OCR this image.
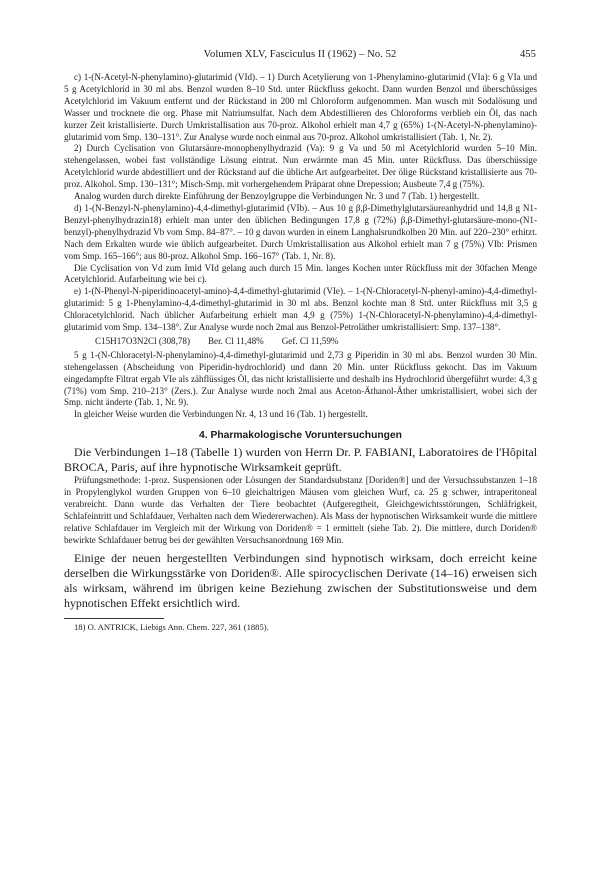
Volumen XLV, Fasciculus II (1962) – No. 52	455

c) 1-(N-Acetyl-N-phenylamino)-glutarimid (VId). – 1) Durch Acetylierung von 1-Phenylamino-glutarimid (VIa): 6 g VIa und 5 g Acetylchlorid in 30 ml abs. Benzol wurden 8–10 Std. unter Rückfluss gekocht. Dann wurden Benzol und überschüssiges Acetylchlorid im Vakuum entfernt und der Rückstand in 200 ml Chloroform aufgenommen. Man wusch mit Sodalösung und Wasser und trocknete die org. Phase mit Natriumsulfat. Nach dem Abdestillieren des Chloroforms verblieb ein Öl, das nach kurzer Zeit kristallisierte. Durch Umkristallisation aus 70-proz. Alkohol erhielt man 4,7 g (65%) 1-(N-Acetyl-N-phenylamino)-glutarimid vom Smp. 130–131°. Zur Analyse wurde noch einmal aus 70-proz. Alkohol umkristallisiert (Tab. 1, Nr. 2).

2) Durch Cyclisation von Glutarsäure-monophenylhydrazid (Va): 9 g Va und 50 ml Acetylchlorid wurden 5–10 Min. stehengelassen, wobei fast vollständige Lösung eintrat. Nun erwärmte man 45 Min. unter Rückfluss. Das überschüssige Acetylchlorid wurde abdestilliert und der Rückstand auf die übliche Art aufgearbeitet. Der ölige Rückstand kristallisierte aus 70-proz. Alkohol. Smp. 130–131°; Misch-Smp. mit vorhergehendem Präparat ohne Drepession; Ausbeute 7,4 g (75%).

Analog wurden durch direkte Einführung der Benzoylgruppe die Verbindungen Nr. 3 und 7 (Tab. 1) hergestellt.

d) 1-(N-Benzyl-N-phenylamino)-4,4-dimethyl-glutarimid (VIb). – Aus 10 g β,β-Dimethylglutarsäureanhydrid und 14,8 g N1-Benzyl-phenylhydrazin18) erhielt man unter den üblichen Bedingungen 17,8 g (72%) β,β-Dimethyl-glutarsäure-mono-(N1-benzyl)-phenylhydrazid Vb vom Smp. 84–87°. – 10 g davon wurden in einem Langhalsrundkolben 20 Min. auf 220–230° erhitzt. Nach dem Erkalten wurde wie üblich aufgearbeitet. Durch Umkristallisation aus Alkohol erhielt man 7 g (75%) VIb: Prismen vom Smp. 165–166°; aus 80-proz. Alkohol Smp. 166–167° (Tab. 1, Nr. 8).

Die Cyclisation von Vd zum Imid VId gelang auch durch 15 Min. langes Kochen unter Rückfluss mit der 30fachen Menge Acetylchlorid. Aufarbeitung wie bei c).

e) 1-(N-Phenyl-N-piperidinoacetyl-amino)-4,4-dimethyl-glutarimid (VIe). – 1-(N-Chloracetyl-N-phenyl-amino)-4,4-dimethyl-glutarimid: 5 g 1-Phenylamino-4,4-dimethyl-glutarimid in 30 ml abs. Benzol kochte man 8 Std. unter Rückfluss mit 3,5 g Chloracetylchlorid. Nach üblicher Aufarbeitung erhielt man 4,9 g (75%) 1-(N-Chloracetyl-N-phenylamino)-4,4-dimethyl-glutarimid vom Smp. 134–138°. Zur Analyse wurde noch 2mal aus Benzol-Petroläther umkristallisiert: Smp. 137–138°.

C15H17O3N2Cl (308,78) Ber. Cl 11,48% Gef. Cl 11,59%

5 g 1-(N-Chloracetyl-N-phenylamino)-4,4-dimethyl-glutarimid und 2,73 g Piperidin in 30 ml abs. Benzol wurden 30 Min. stehengelassen (Abscheidung von Piperidin-hydrochlorid) und dann 20 Min. unter Rückfluss gekocht. Das im Vakuum eingedampfte Filtrat ergab VIe als zähflüssiges Öl, das nicht kristallisierte und deshalb ins Hydrochlorid übergeführt wurde: 4,3 g (71%) vom Smp. 210–213° (Zers.). Zur Analyse wurde noch 2mal aus Aceton-Äthanol-Äther umkristallisiert, wobei sich der Smp. nicht änderte (Tab. 1, Nr. 9).

In gleicher Weise wurden die Verbindungen Nr. 4, 13 und 16 (Tab. 1) hergestellt.

4. Pharmakologische Voruntersuchungen

Die Verbindungen 1–18 (Tabelle 1) wurden von Herrn Dr. P. FABIANI, Laboratoires de l'Hôpital BROCA, Paris, auf ihre hypnotische Wirksamkeit geprüft.

Prüfungsmethode: 1-proz. Suspensionen oder Lösungen der Standardsubstanz [Doriden®] und der Versuchssubstanzen 1–18 in Propylenglykol wurden Gruppen von 6–10 gleichaltrigen Mäusen vom gleichen Wurf, ca. 25 g schwer, intraperitoneal verabreicht. Dann wurde das Verhalten der Tiere beobachtet (Aufgeregtheit, Gleichgewichtsstörungen, Schläfrigkeit, Schlafeintritt und Schlafdauer, Verhalten nach dem Wiedererwachen). Als Mass der hypnotischen Wirksamkeit wurde die mittlere relative Schlafdauer im Vergleich mit der Wirkung von Doriden® = 1 ermittelt (siehe Tab. 2). Die mittlere, durch Doriden® bewirkte Schlafdauer betrug bei der gewählten Versuchsanordnung 169 Min.

Einige der neuen hergestellten Verbindungen sind hypnotisch wirksam, doch erreicht keine derselben die Wirkungsstärke von Doriden®. Alle spirocyclischen Derivate (14–16) erweisen sich als wirksam, während im übrigen keine Beziehung zwischen der Substitutionsweise und dem hypnotischen Effekt ersichtlich wird.

18) O. ANTRICK, Liebigs Ann. Chem. 227, 361 (1885).
